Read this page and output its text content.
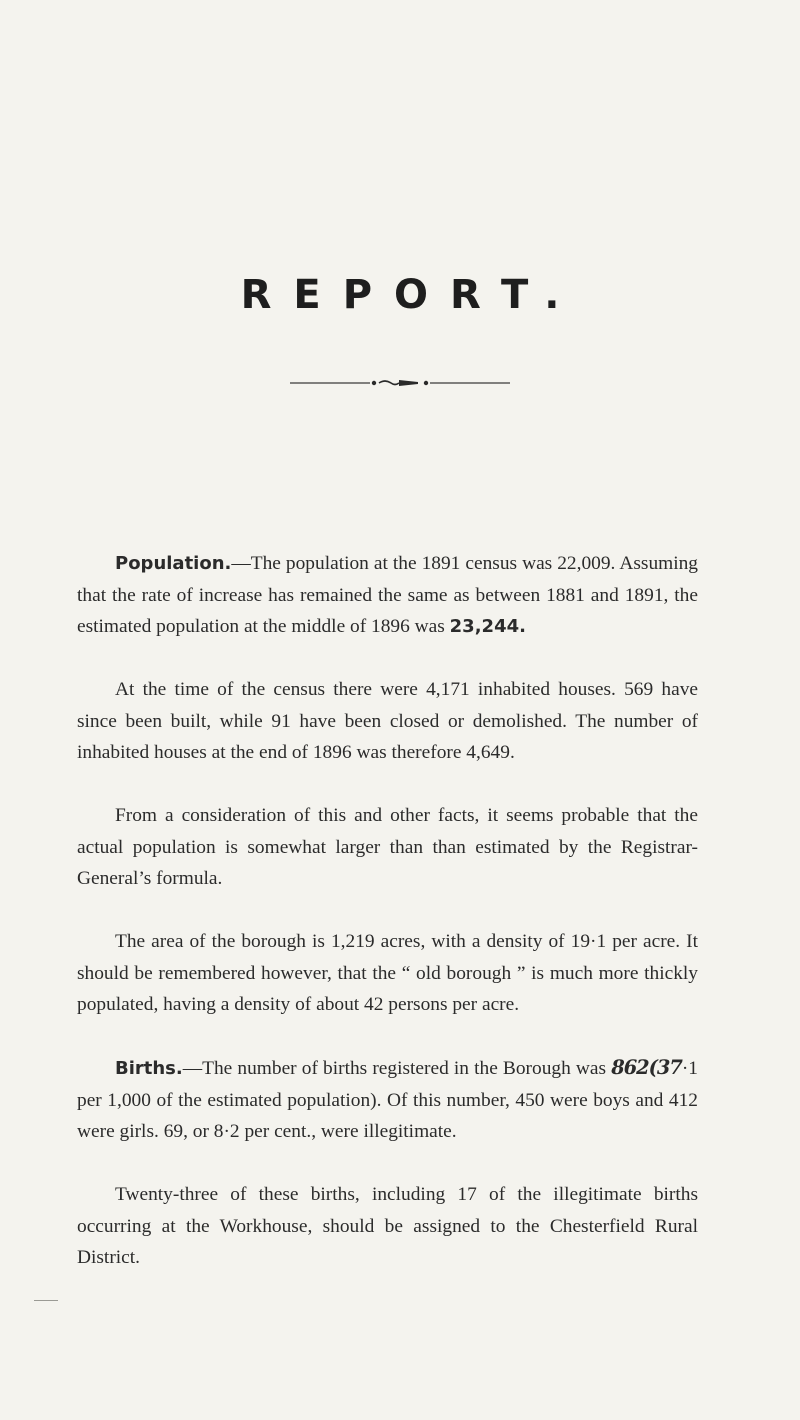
REPORT.

Population.—The population at the 1891 census was 22,009. Assuming that the rate of increase has remained the same as between 1881 and 1891, the estimated population at the middle of 1896 was 23,244.

At the time of the census there were 4,171 inhabited houses. 569 have since been built, while 91 have been closed or demolished. The number of inhabited houses at the end of 1896 was therefore 4,649.

From a consideration of this and other facts, it seems probable that the actual population is somewhat larger than than estimated by the Registrar-General’s formula.

The area of the borough is 1,219 acres, with a density of 19·1 per acre. It should be remembered however, that the “ old borough ” is much more thickly populated, having a density of about 42 persons per acre.

Births.—The number of births registered in the Borough was 862(37·1 per 1,000 of the estimated population). Of this number, 450 were boys and 412 were girls. 69, or 8·2 per cent., were illegitimate.

Twenty-three of these births, including 17 of the illegitimate births occurring at the Workhouse, should be assigned to the Chesterfield Rural District.
